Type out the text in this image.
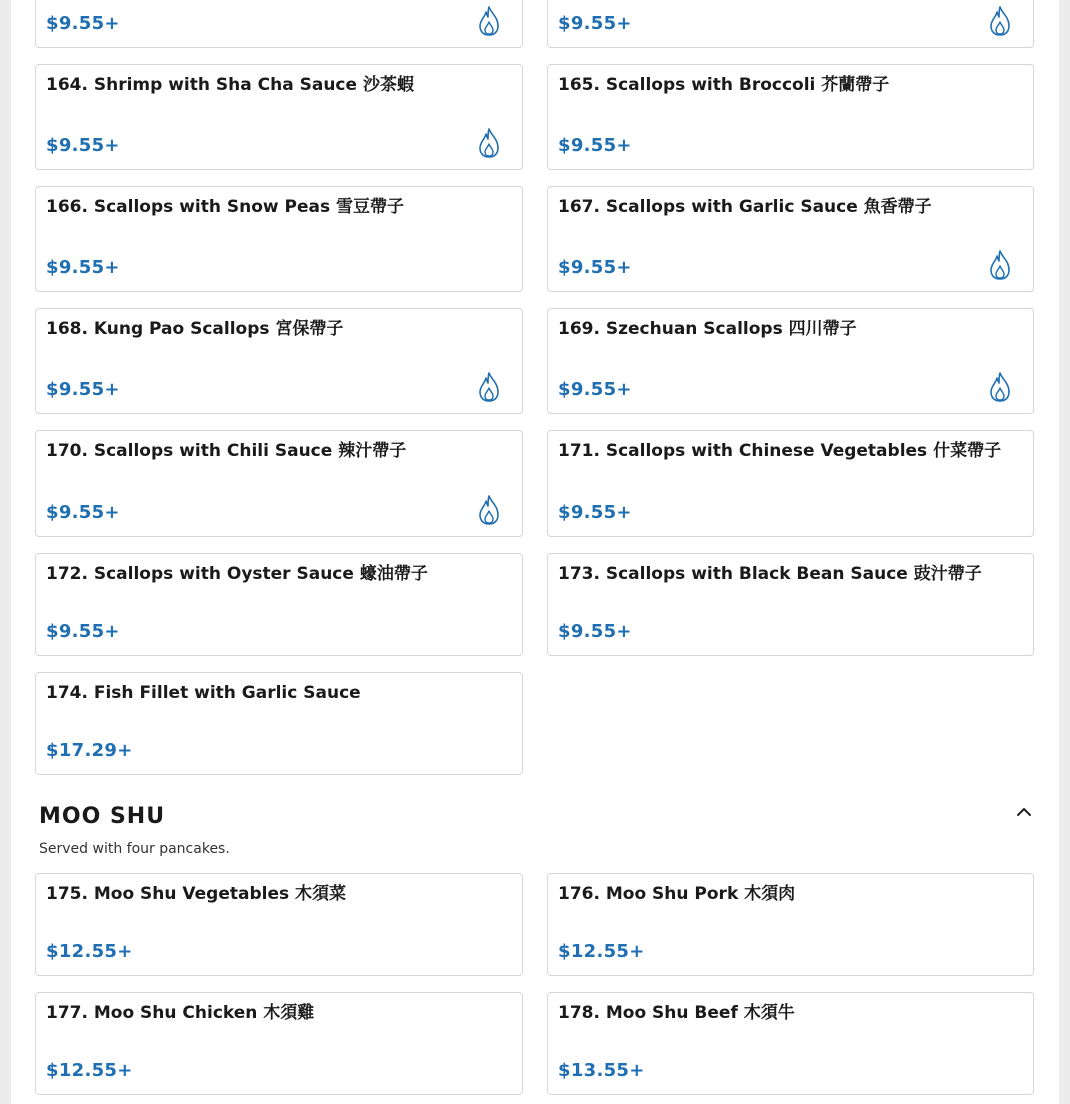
$9.55+	$9.55+
164. Shrimp with Sha Cha Sauce 沙茶蝦
$9.55+
165. Scallops with Broccoli 芥蘭帶子
$9.55+
166. Scallops with Snow Peas 雪豆帶子
$9.55+
167. Scallops with Garlic Sauce 魚香帶子
$9.55+
168. Kung Pao Scallops 宮保帶子
$9.55+
169. Szechuan Scallops 四川帶子
$9.55+
170. Scallops with Chili Sauce 辣汁帶子
$9.55+
171. Scallops with Chinese Vegetables 什菜帶子
$9.55+
172. Scallops with Oyster Sauce 蠔油帶子
$9.55+
173. Scallops with Black Bean Sauce 豉汁帶子
$9.55+
174. Fish Fillet with Garlic Sauce
$17.29+
MOO SHU
Served with four pancakes.
175. Moo Shu Vegetables 木須菜
$12.55+
176. Moo Shu Pork 木須肉
$12.55+
177. Moo Shu Chicken 木須雞
$12.55+
178. Moo Shu Beef 木須牛
$13.55+
